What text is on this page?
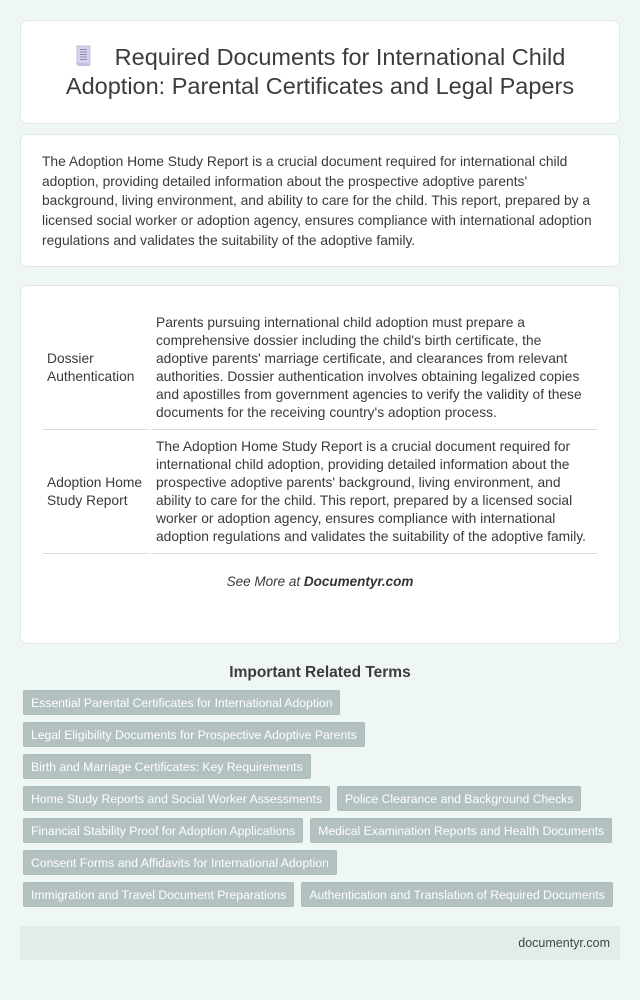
Required Documents for International Child Adoption: Parental Certificates and Legal Papers

The Adoption Home Study Report is a crucial document required for international child adoption, providing detailed information about the prospective adoptive parents' background, living environment, and ability to care for the child. This report, prepared by a licensed social worker or adoption agency, ensures compliance with international adoption regulations and validates the suitability of the adoptive family.

Dossier Authentication	Parents pursuing international child adoption must prepare a comprehensive dossier including the child's birth certificate, the adoptive parents' marriage certificate, and clearances from relevant authorities. Dossier authentication involves obtaining legalized copies and apostilles from government agencies to verify the validity of these documents for the receiving country's adoption process.
Adoption Home Study Report	The Adoption Home Study Report is a crucial document required for international child adoption, providing detailed information about the prospective adoptive parents' background, living environment, and ability to care for the child. This report, prepared by a licensed social worker or adoption agency, ensures compliance with international adoption regulations and validates the suitability of the adoptive family.

See More at Documentyr.com

Important Related Terms
Essential Parental Certificates for International Adoption
Legal Eligibility Documents for Prospective Adoptive Parents
Birth and Marriage Certificates: Key Requirements
Home Study Reports and Social Worker Assessments	Police Clearance and Background Checks
Financial Stability Proof for Adoption Applications	Medical Examination Reports and Health Documents
Consent Forms and Affidavits for International Adoption
Immigration and Travel Document Preparations	Authentication and Translation of Required Documents
documentyr.com
